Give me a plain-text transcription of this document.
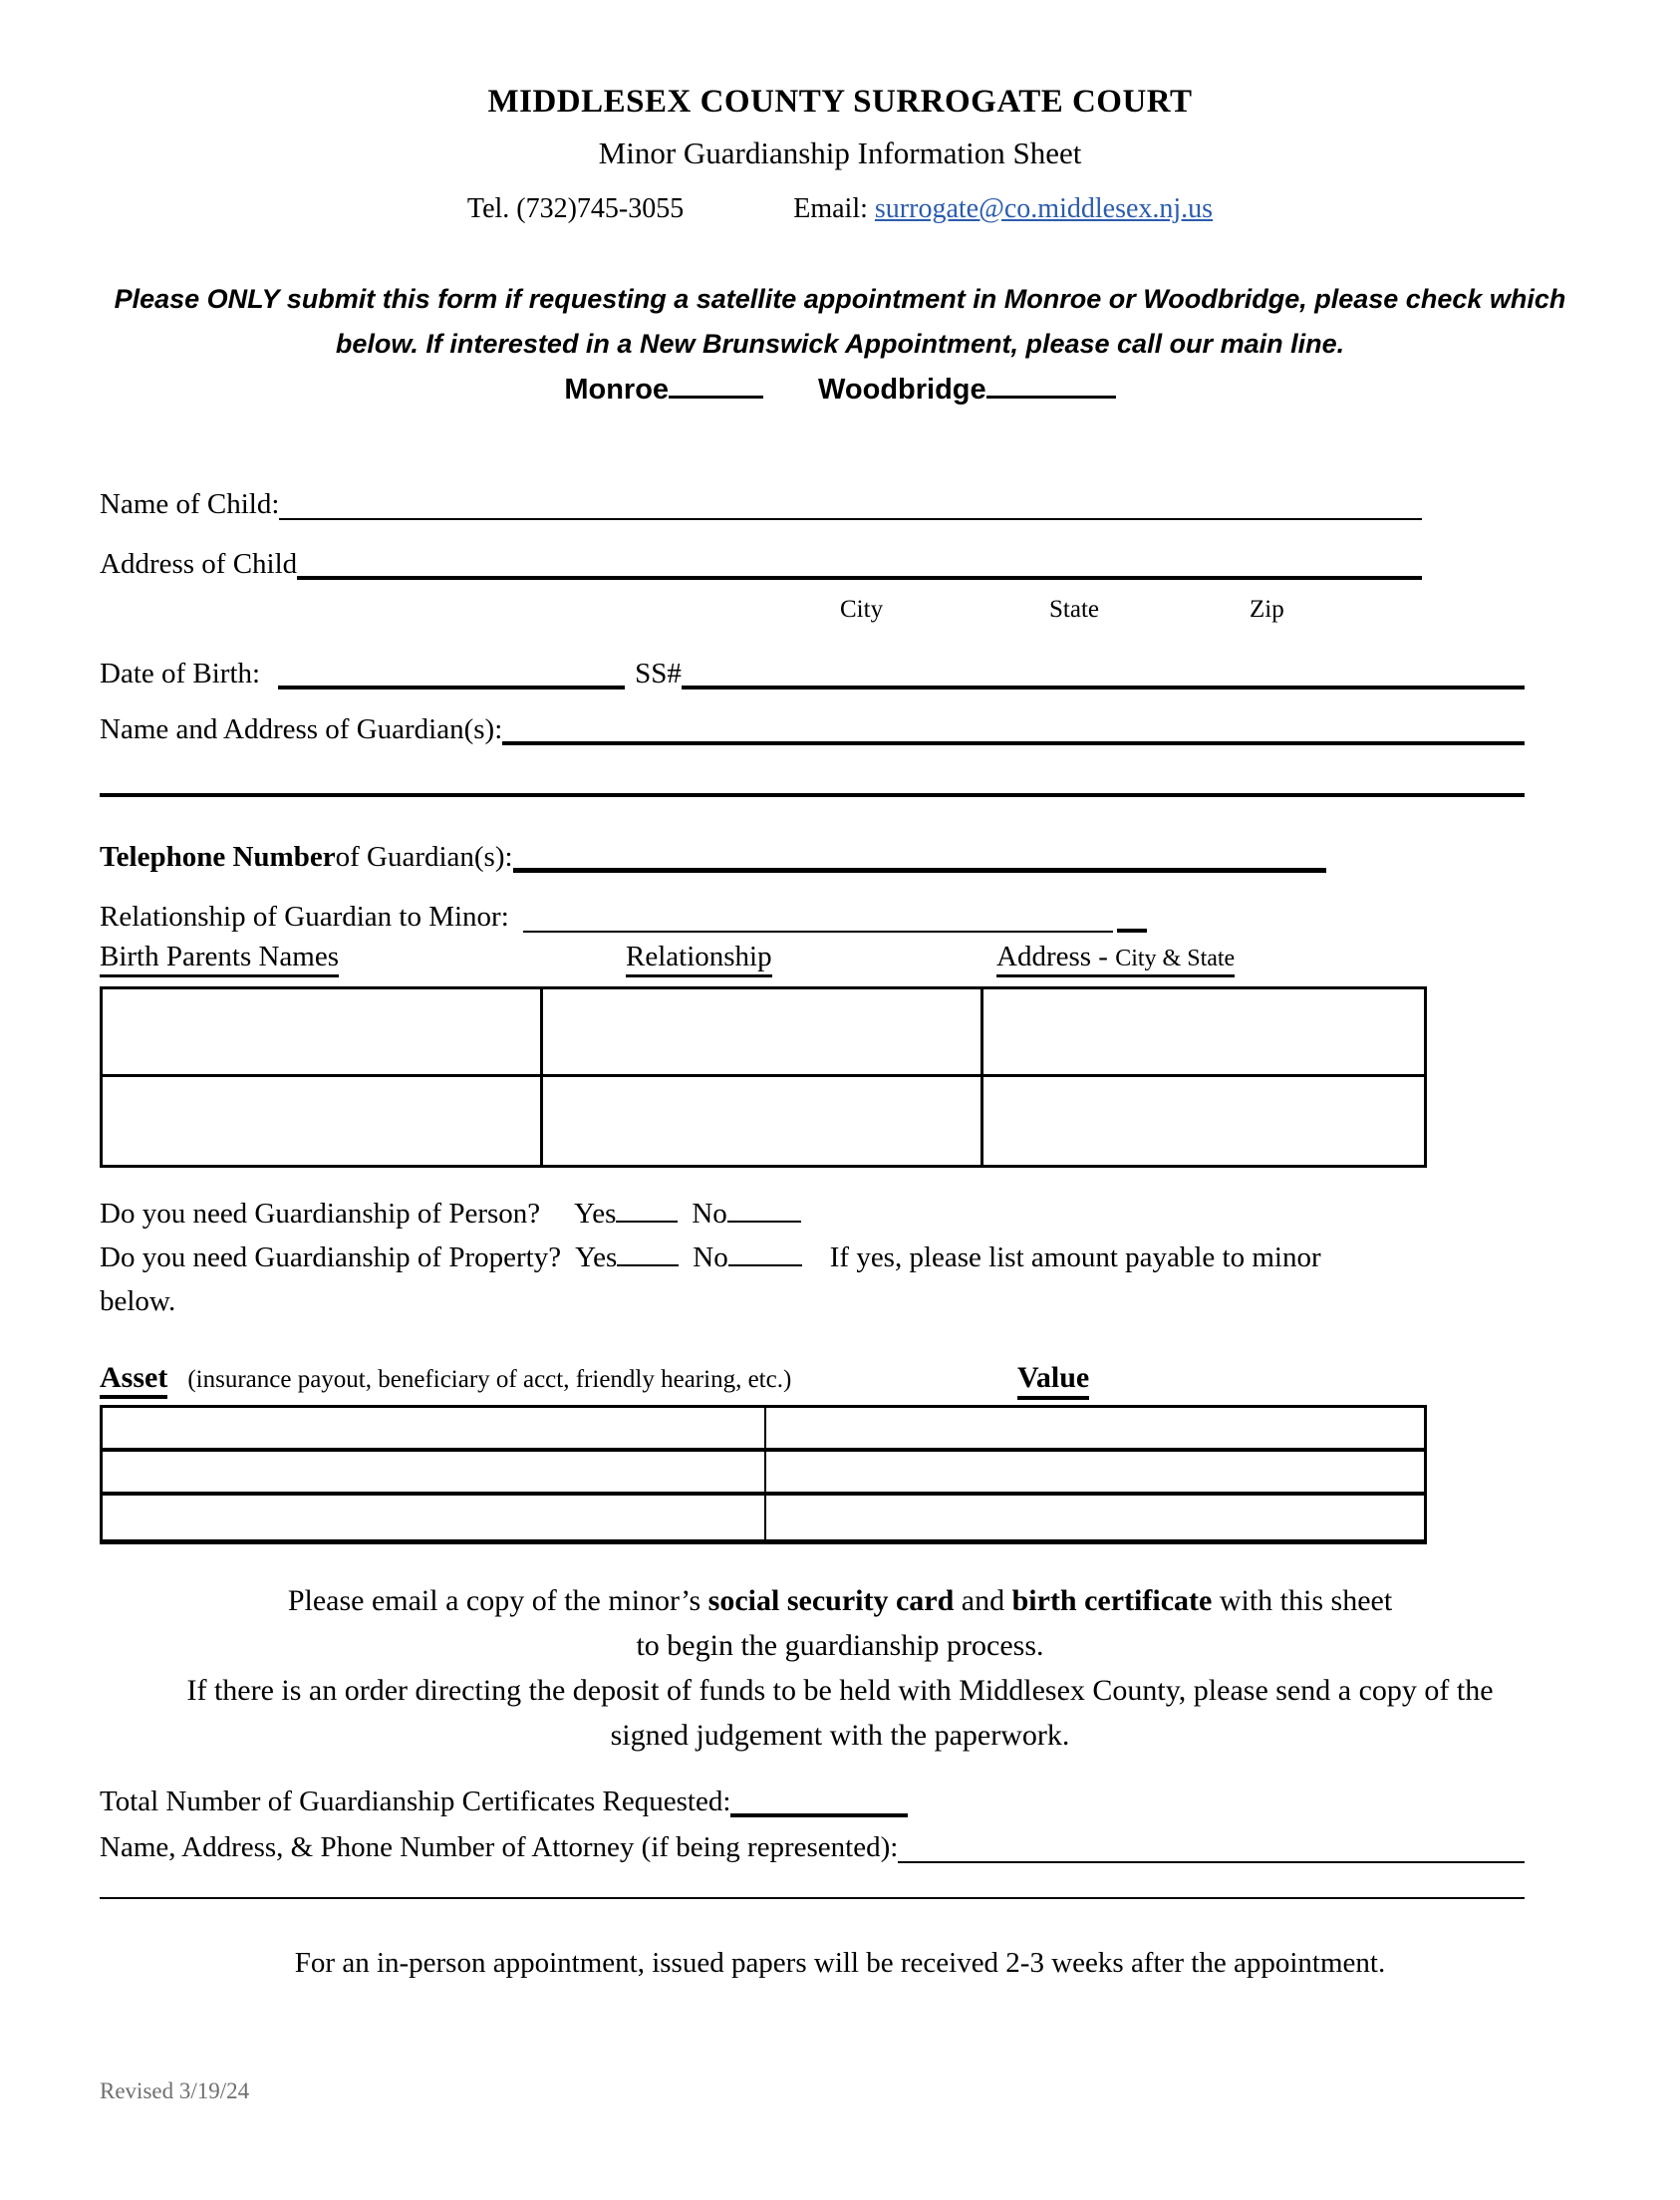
MIDDLESEX COUNTY SURROGATE COURT
Minor Guardianship Information Sheet
Tel. (732)745-3055	Email: surrogate@co.middlesex.nj.us
Please ONLY submit this form if requesting a satellite appointment in Monroe or Woodbridge, please check which
below. If interested in a New Brunswick Appointment, please call our main line.
Monroe	Woodbridge
Name of Child:
Address of Child
City	State	Zip
Date of Birth:	SS#
Name and Address of Guardian(s):
Telephone Number of Guardian(s):
Relationship of Guardian to Minor:
Birth Parents Names	Relationship	Address - City & State
Do you need Guardianship of Person? Yes	No
Do you need Guardianship of Property? Yes	No	If yes, please list amount payable to minor
below.
Asset (insurance payout, beneficiary of acct, friendly hearing, etc.)	Value
Please email a copy of the minor’s social security card and birth certificate with this sheet
to begin the guardianship process.
If there is an order directing the deposit of funds to be held with Middlesex County, please send a copy of the
signed judgement with the paperwork.
Total Number of Guardianship Certificates Requested:
Name, Address, & Phone Number of Attorney (if being represented):
For an in-person appointment, issued papers will be received 2-3 weeks after the appointment.
Revised 3/19/24
